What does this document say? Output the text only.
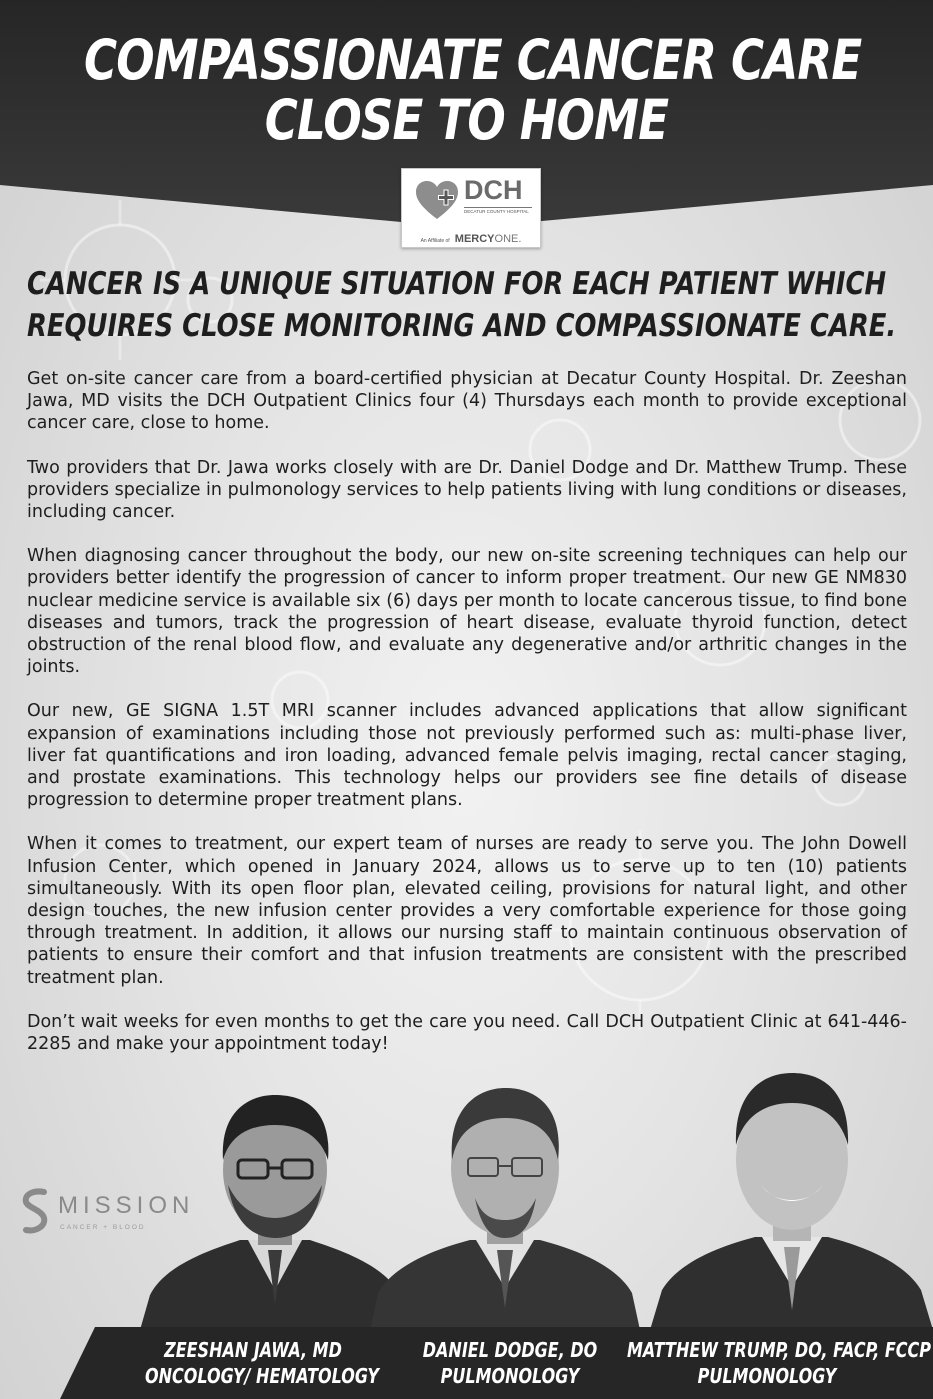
COMPASSIONATE CANCER CARE
CLOSE TO HOME
DCH
DECATUR COUNTY HOSPITAL
An Affiliate of MERCYONE.
CANCER IS A UNIQUE SITUATION FOR EACH PATIENT WHICH
REQUIRES CLOSE MONITORING AND COMPASSIONATE CARE.

Get on-site cancer care from a board-certified physician at Decatur County Hospital. Dr. Zeeshan Jawa, MD visits the DCH Outpatient Clinics four (4) Thursdays each month to provide exceptional cancer care, close to home.

Two providers that Dr. Jawa works closely with are Dr. Daniel Dodge and Dr. Matthew Trump. These providers specialize in pulmonology services to help patients living with lung conditions or diseases, including cancer.

When diagnosing cancer throughout the body, our new on-site screening techniques can help our providers better identify the progression of cancer to inform proper treatment. Our new GE NM830 nuclear medicine service is available six (6) days per month to locate cancerous tissue, to find bone diseases and tumors, track the progression of heart disease, evaluate thyroid function, detect obstruction of the renal blood flow, and evaluate any degenerative and/or arthritic changes in the joints.

Our new, GE SIGNA 1.5T MRI scanner includes advanced applications that allow significant expansion of examinations including those not previously performed such as: multi-phase liver, liver fat quantifications and iron loading, advanced female pelvis imaging, rectal cancer staging, and prostate examinations. This technology helps our providers see fine details of disease progression to determine proper treatment plans.

When it comes to treatment, our expert team of nurses are ready to serve you. The John Dowell Infusion Center, which opened in January 2024, allows us to serve up to ten (10) patients simultaneously. With its open floor plan, elevated ceiling, provisions for natural light, and other design touches, the new infusion center provides a very comfortable experience for those going through treatment. In addition, it allows our nursing staff to maintain continuous observation of patients to ensure their comfort and that infusion treatments are consistent with the prescribed treatment plan.

Don’t wait weeks for even months to get the care you need. Call DCH Outpatient Clinic at 641-446-2285 and make your appointment today!

MISSION
CANCER + BLOOD
ZEESHAN JAWA, MD
ONCOLOGY/ HEMATOLOGY
DANIEL DODGE, DO
PULMONOLOGY
MATTHEW TRUMP, DO, FACP, FCCP
PULMONOLOGY
